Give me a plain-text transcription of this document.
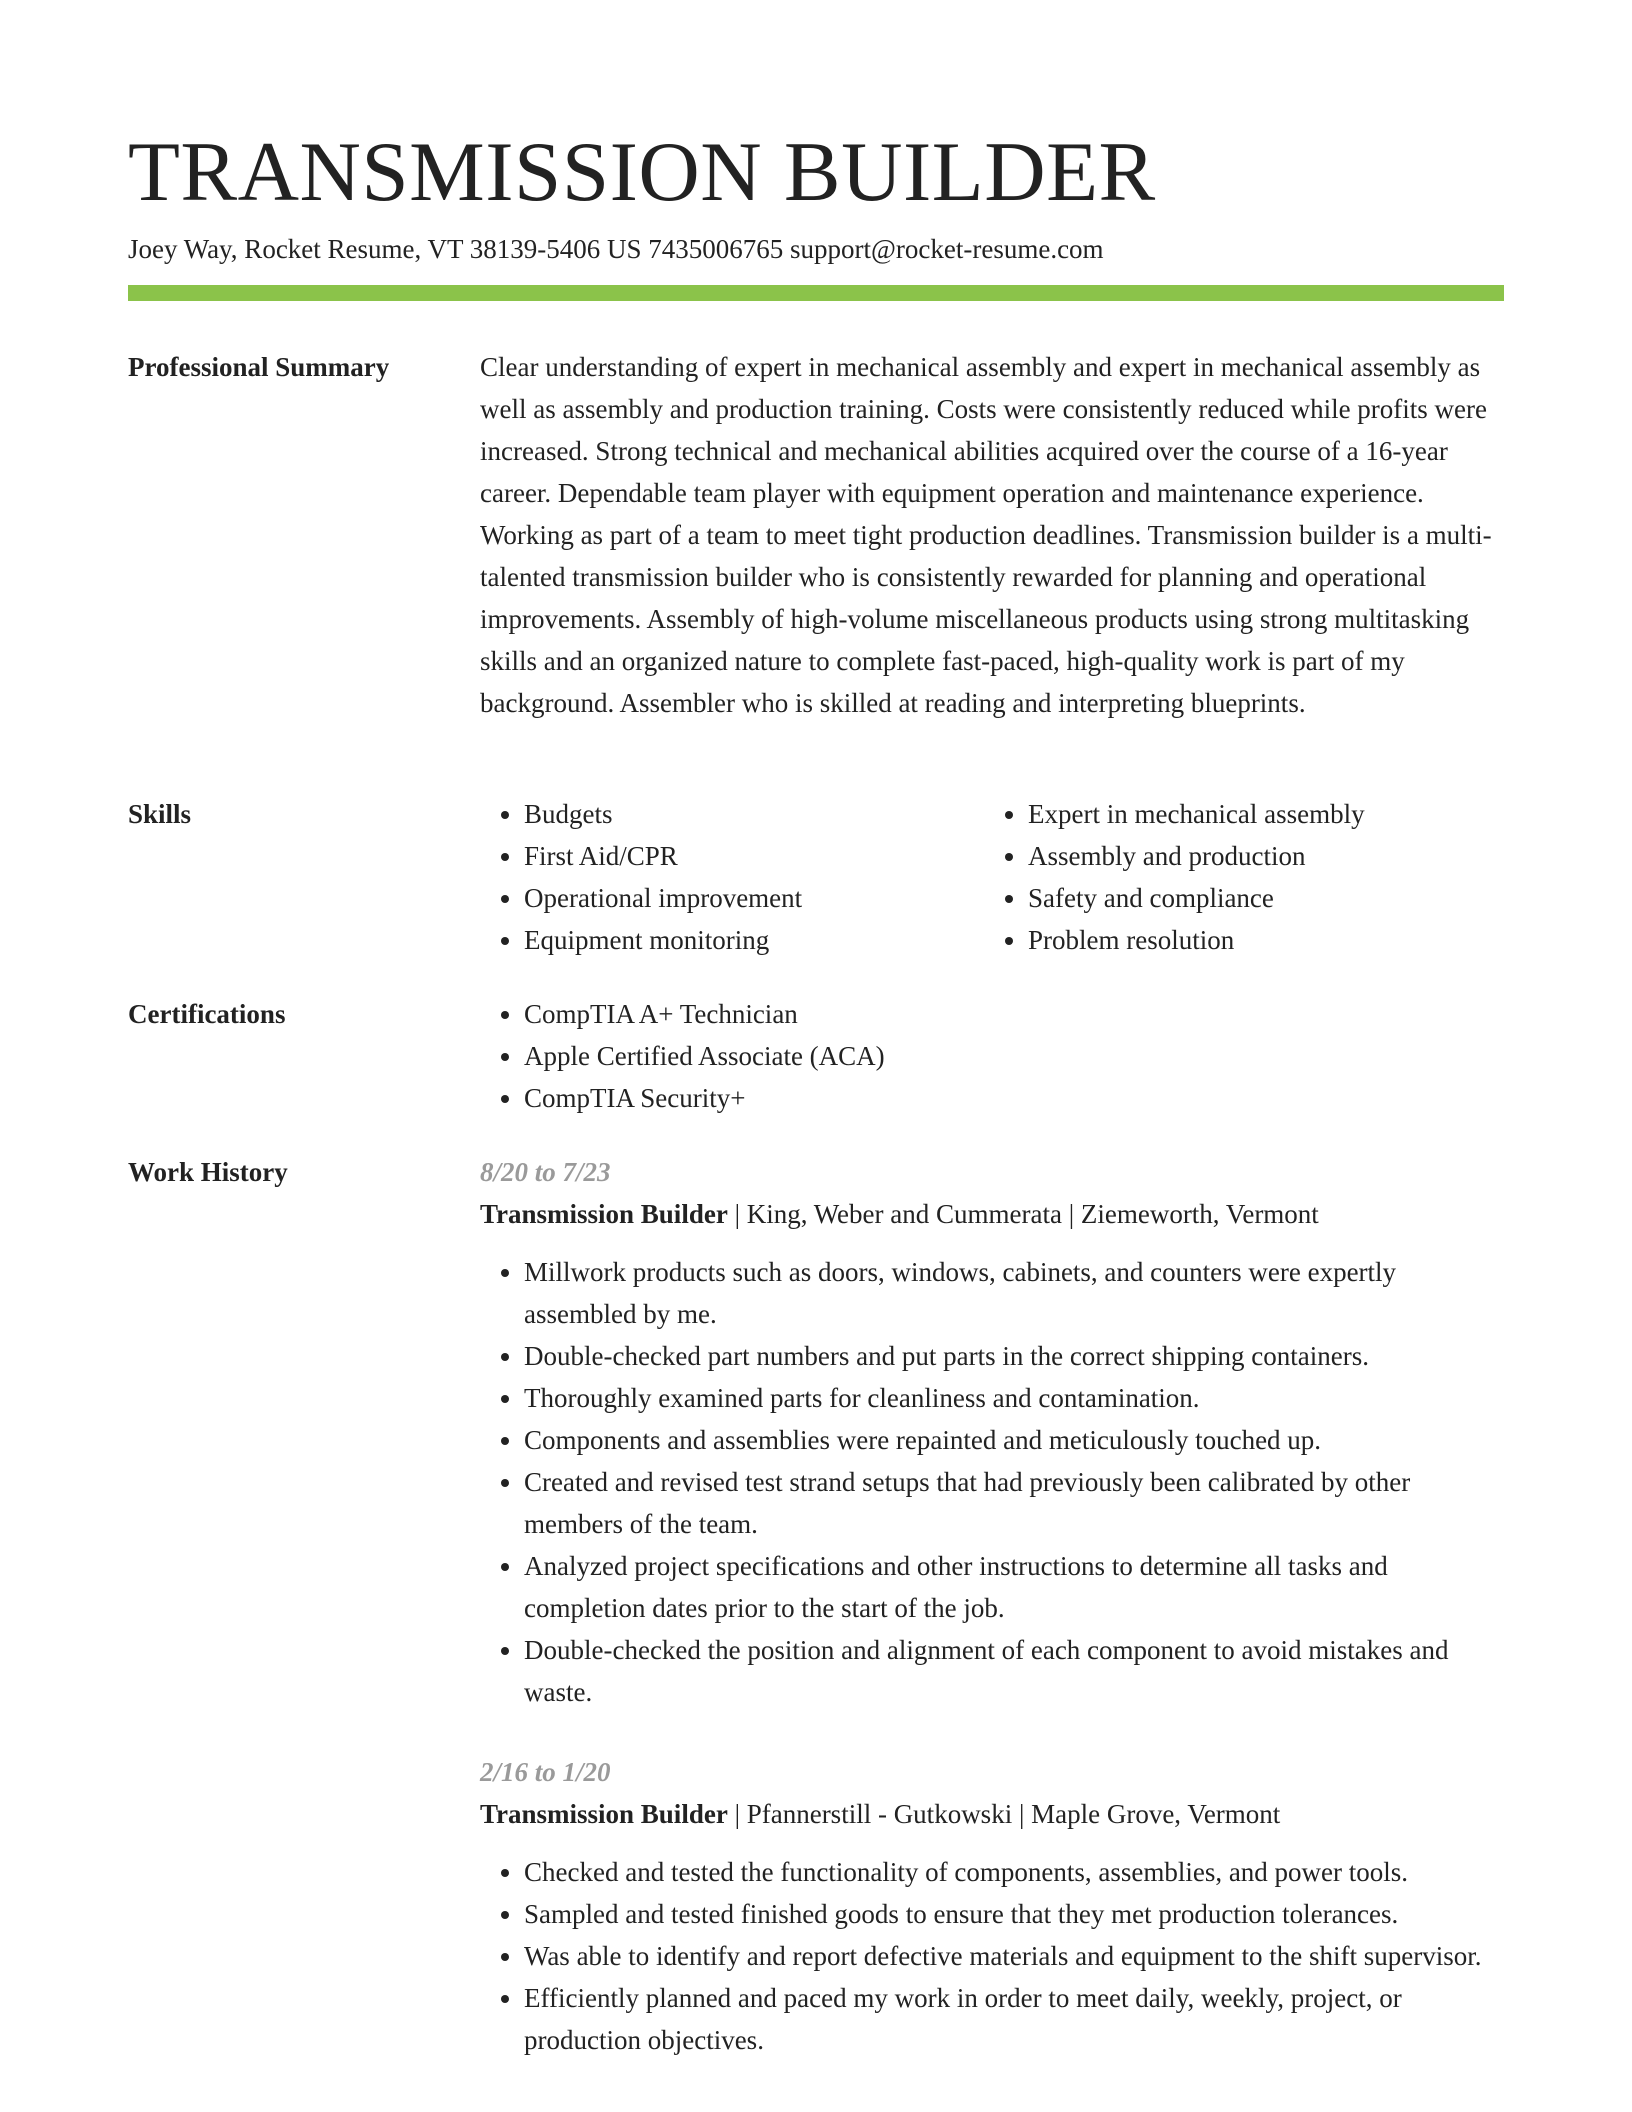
TRANSMISSION BUILDER
Joey Way, Rocket Resume, VT 38139-5406 US 7435006765 support@rocket-resume.com
Professional Summary	Clear understanding of expert in mechanical assembly and expert in mechanical assembly as well as assembly and production training. Costs were consistently reduced while profits were increased. Strong technical and mechanical abilities acquired over the course of a 16-year career. Dependable team player with equipment operation and maintenance experience. Working as part of a team to meet tight production deadlines. Transmission builder is a multi-talented transmission builder who is consistently rewarded for planning and operational improvements. Assembly of high-volume miscellaneous products using strong multitasking skills and an organized nature to complete fast-paced, high-quality work is part of my background. Assembler who is skilled at reading and interpreting blueprints.

Skills	• Budgets
• First Aid/CPR
• Operational improvement
• Equipment monitoring
• Expert in mechanical assembly
• Assembly and production
• Safety and compliance
• Problem resolution
Certifications	• CompTIA A+ Technician
• Apple Certified Associate (ACA)
• CompTIA Security+
Work History	8/20 to 7/23
Transmission Builder | King, Weber and Cummerata | Ziemeworth, Vermont
• Millwork products such as doors, windows, cabinets, and counters were expertly assembled by me.
• Double-checked part numbers and put parts in the correct shipping containers.
• Thoroughly examined parts for cleanliness and contamination.
• Components and assemblies were repainted and meticulously touched up.
• Created and revised test strand setups that had previously been calibrated by other members of the team.
• Analyzed project specifications and other instructions to determine all tasks and completion dates prior to the start of the job.
• Double-checked the position and alignment of each component to avoid mistakes and waste.
2/16 to 1/20
Transmission Builder | Pfannerstill - Gutkowski | Maple Grove, Vermont
• Checked and tested the functionality of components, assemblies, and power tools.
• Sampled and tested finished goods to ensure that they met production tolerances.
• Was able to identify and report defective materials and equipment to the shift supervisor.
• Efficiently planned and paced my work in order to meet daily, weekly, project, or production objectives.
